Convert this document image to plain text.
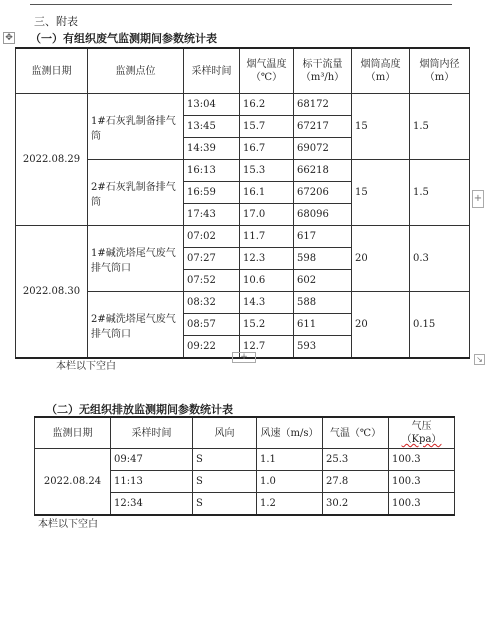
三、附表
✥ （一）有组织废气监测期间参数统计表
监测日期	监测点位	采样时间	烟气温度（℃）	标干流量（m³/h）	烟筒高度（m）	烟筒内径（m）
2022.08.29	1#石灰乳制备排气筒	13:04	16.2	68172	15	1.5
		13:45	15.7	67217		
		14:39	16.7	69072		
	2#石灰乳制备排气筒	16:13	15.3	66218	15	1.5
		16:59	16.1	67206		
		17:43	17.0	68096		
2022.08.30	1#碱洗塔尾气废气排气筒口	07:02	11.7	617	20	0.3
		07:27	12.3	598		
		07:52	10.6	602		
	2#碱洗塔尾气废气排气筒口	08:32	14.3	588	20	0.15
		08:57	15.2	611		
		09:22	12.7	593		
+
+	↘
本栏以下空白
（二）无组织排放监测期间参数统计表
监测日期	采样时间	风向	风速（m/s）	气温（℃）	气压
（Kpa）
2022.08.24	09:47	S	1.1	25.3	100.3
	11:13	S	1.0	27.8	100.3
	12:34	S	1.2	30.2	100.3
本栏以下空白
